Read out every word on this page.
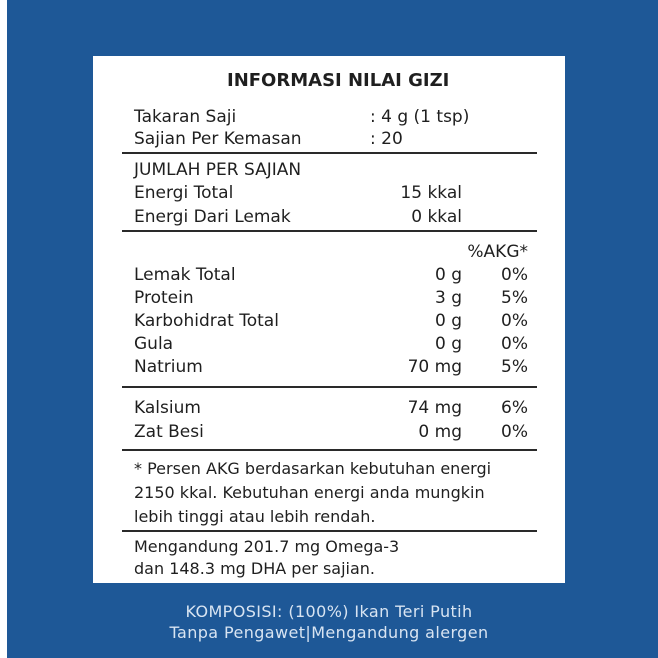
INFORMASI NILAI GIZI
Takaran Saji	: 4 g (1 tsp)
Sajian Per Kemasan	: 20
JUMLAH PER SAJIAN
Energi Total	15 kkal
Energi Dari Lemak	0 kkal
%AKG*
Lemak Total	0 g	0%
Protein	3 g	5%
Karbohidrat Total	0 g	0%
Gula	0 g	0%
Natrium	70 mg	5%
Kalsium	74 mg	6%
Zat Besi	0 mg	0%
* Persen AKG berdasarkan kebutuhan energi
2150 kkal. Kebutuhan energi anda mungkin
lebih tinggi atau lebih rendah.
Mengandung 201.7 mg Omega-3
dan 148.3 mg DHA per sajian.
KOMPOSISI: (100%) Ikan Teri Putih
Tanpa Pengawet|Mengandung alergen
